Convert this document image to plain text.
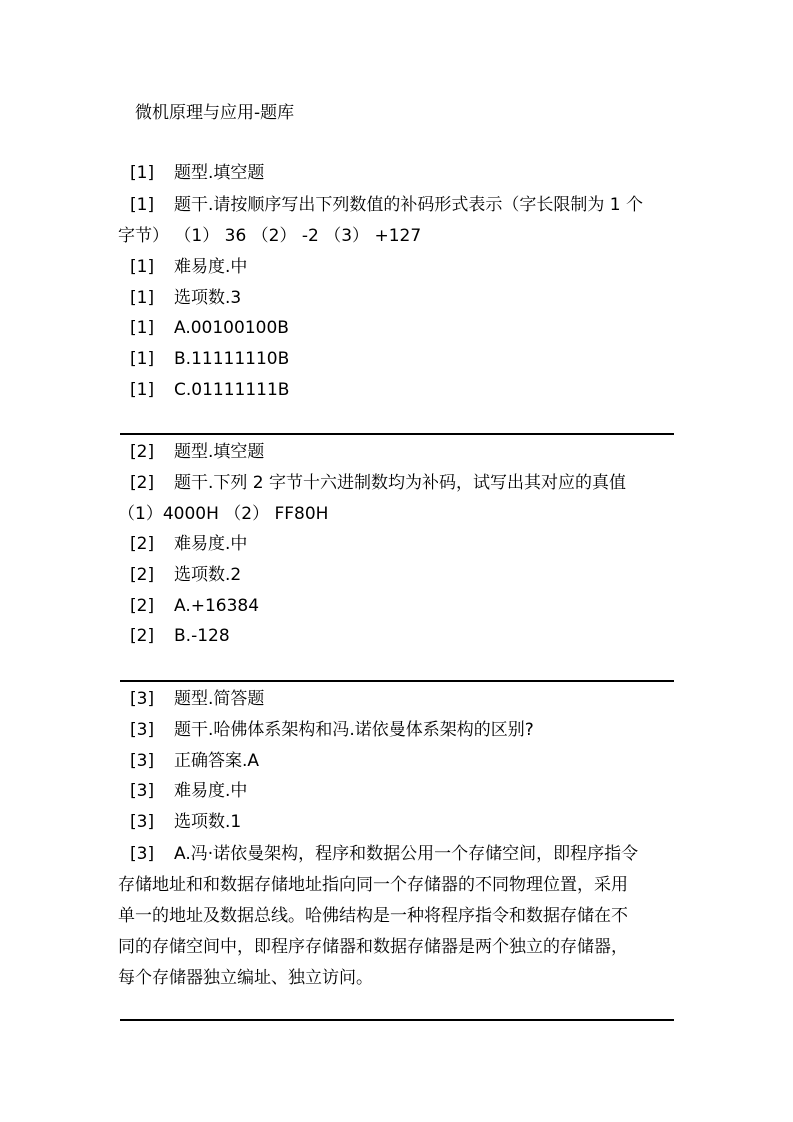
微机原理与应用-题库
[1] 题型.填空题
[1] 题干.请按顺序写出下列数值的补码形式表示（字长限制为 1 个
字节） （1） 36 （2） -2 （3） +127
[1] 难易度.中
[1] 选项数.3
[1] A.00100100B
[1] B.11111110B
[1] C.01111111B
[2] 题型.填空题
[2] 题干.下列 2 字节十六进制数均为补码，试写出其对应的真值
（1）4000H （2） FF80H
[2] 难易度.中
[2] 选项数.2
[2] A.+16384
[2] B.-128
[3] 题型.简答题
[3] 题干.哈佛体系架构和冯.诺依曼体系架构的区别?
[3] 正确答案.A
[3] 难易度.中
[3] 选项数.1
[3] A.冯·诺依曼架构，程序和数据公用一个存储空间，即程序指令
存储地址和和数据存储地址指向同一个存储器的不同物理位置，采用
单一的地址及数据总线。哈佛结构是一种将程序指令和数据存储在不
同的存储空间中，即程序存储器和数据存储器是两个独立的存储器，
每个存储器独立编址、独立访问。
